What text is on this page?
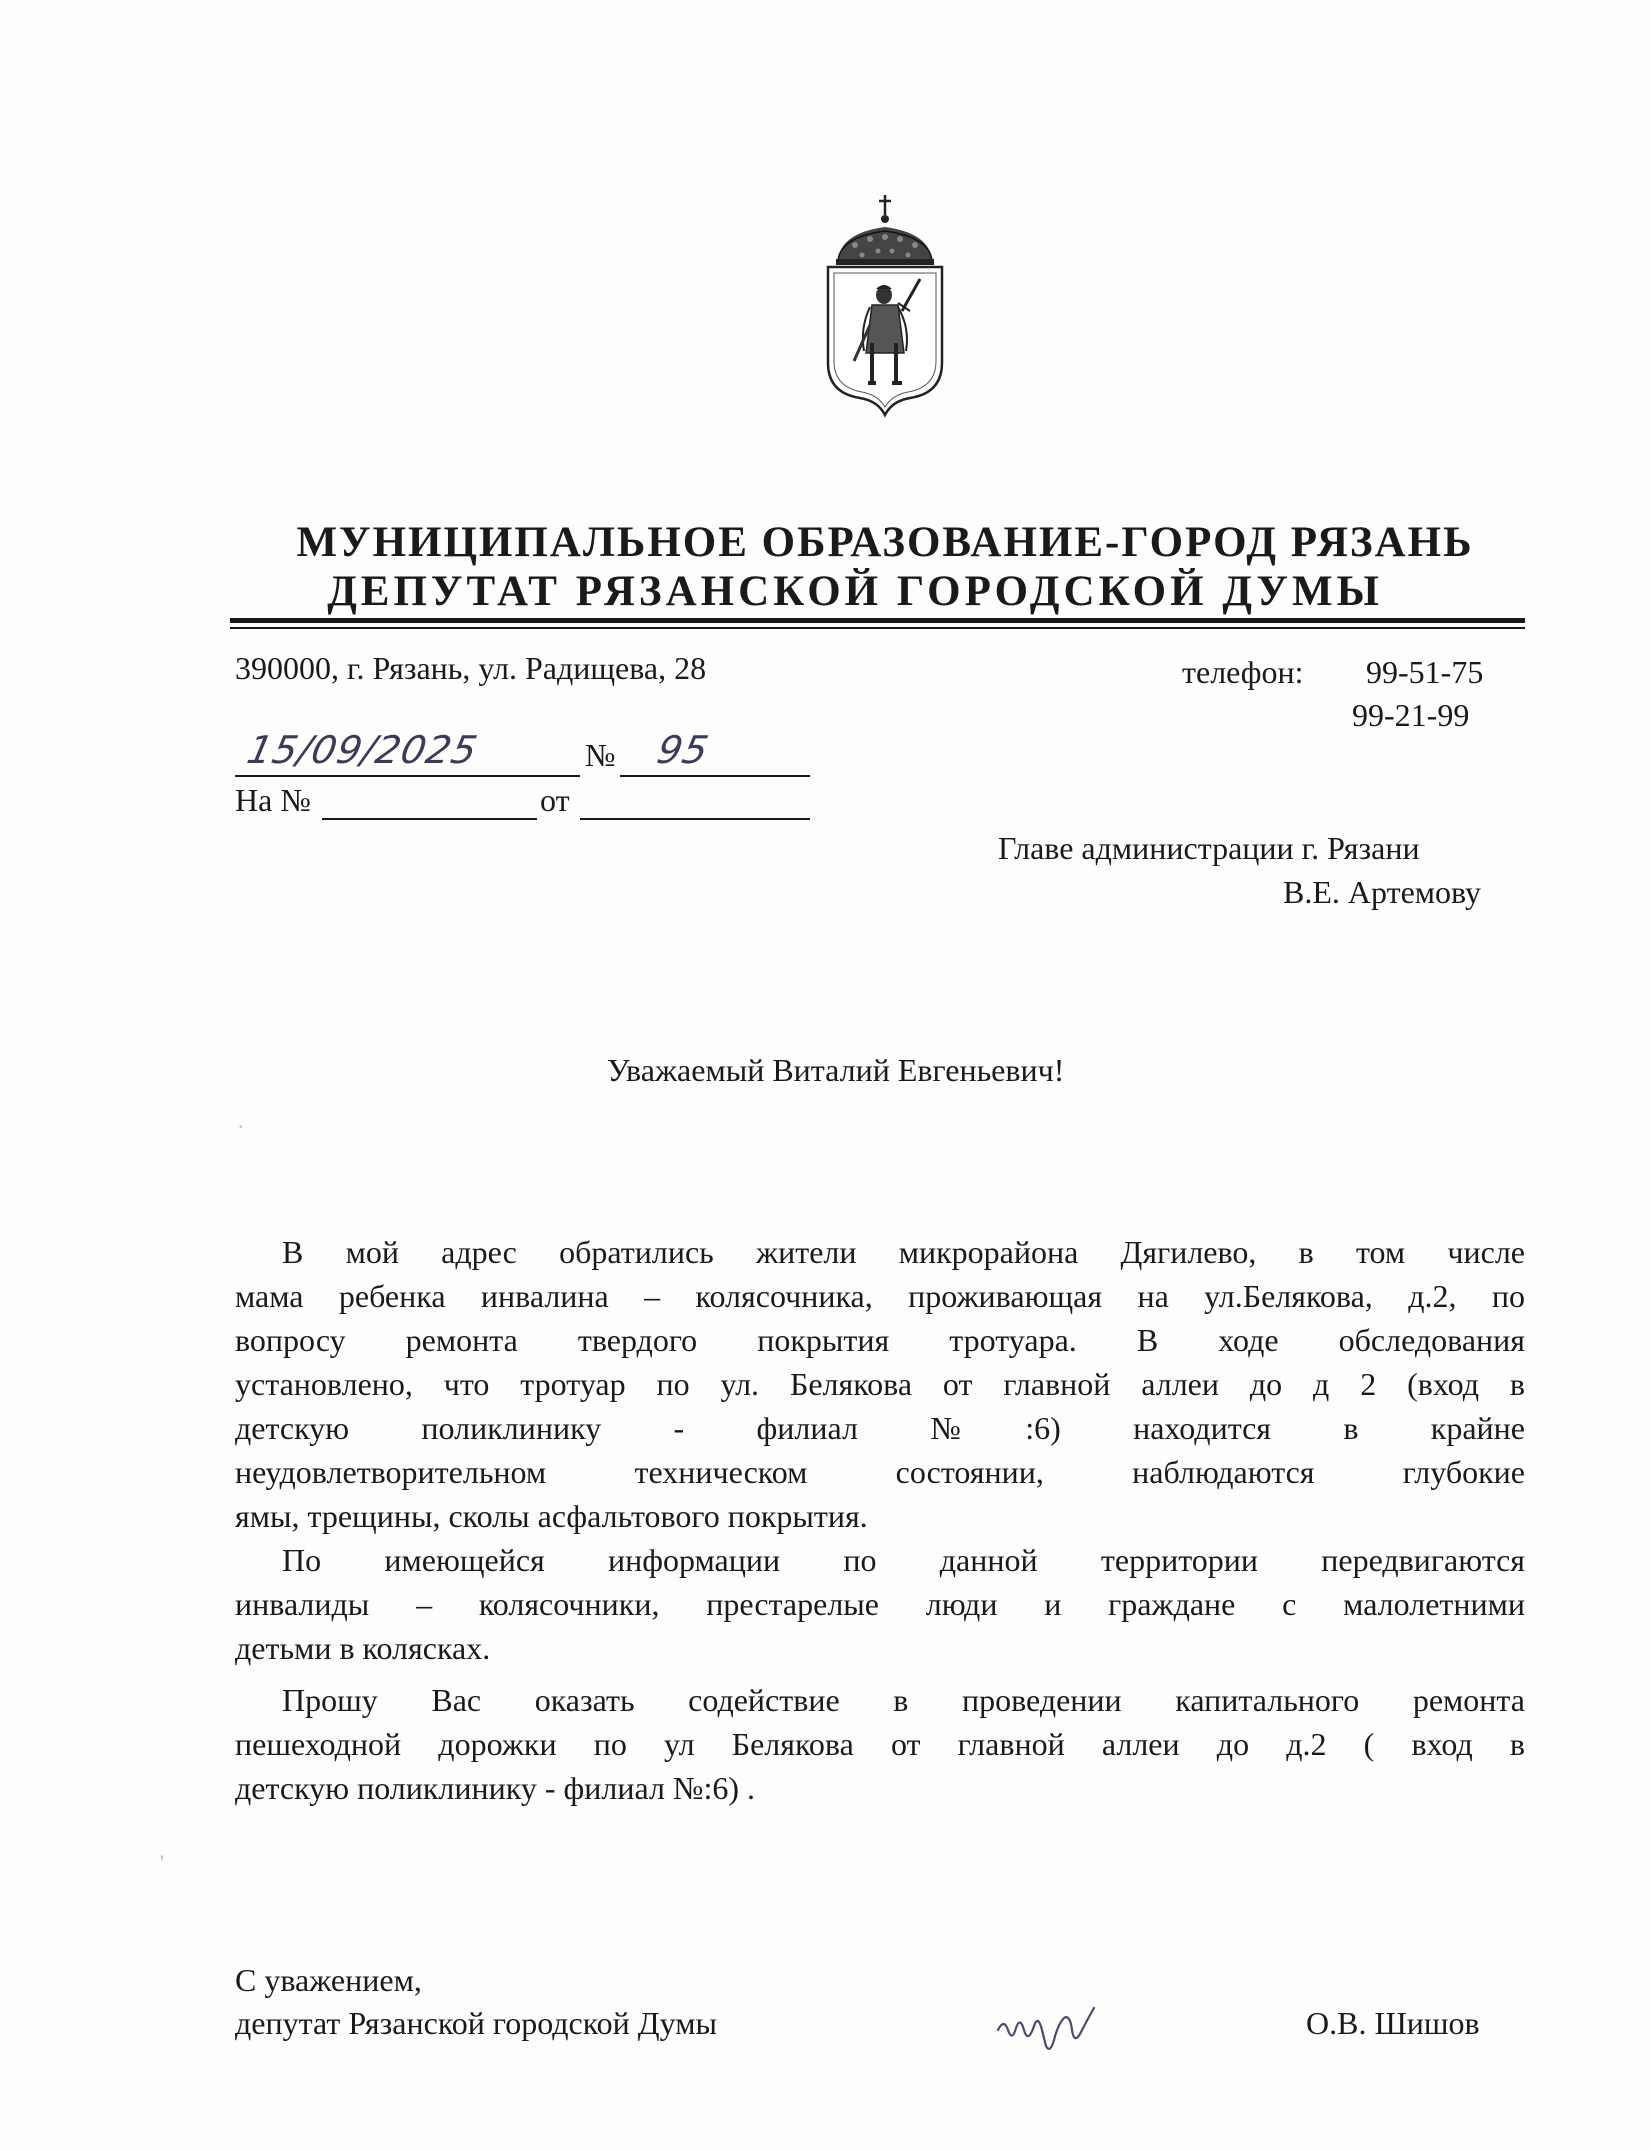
МУНИЦИПАЛЬНОЕ ОБРАЗОВАНИЕ-ГОРОД РЯЗАНЬ
ДЕПУТАТ РЯЗАНСКОЙ ГОРОДСКОЙ ДУМЫ
390000, г. Рязань, ул. Радищева, 28	телефон: 99-51-75
99-21-99
15/09/2025	№ 95
На №	от
Главе администрации г. Рязани
В.Е. Артемову
Уважаемый Виталий Евгеньевич!
В мой адрес обратились жители микрорайона Дягилево, в том числе
мама ребенка инвалина – колясочника, проживающая на ул.Белякова, д.2, по
вопросу ремонта твердого покрытия тротуара. В ходе обследования
установлено, что тротуар по ул. Белякова от главной аллеи до д 2 (вход в
детскую поликлинику - филиал №:6) находится в крайне
неудовлетворительном техническом состоянии, наблюдаются глубокие
ямы, трещины, сколы асфальтового покрытия.
По имеющейся информации по данной территории передвигаются
инвалиды – колясочники, престарелые люди и граждане с малолетними
детьми в колясках.
Прошу Вас оказать содействие в проведении капитального ремонта
пешеходной дорожки по ул Белякова от главной аллеи до д.2 ( вход в
детскую поликлинику - филиал №:6) .
С уважением,
депутат Рязанской городской Думы	О.В. Шишов
.
'
